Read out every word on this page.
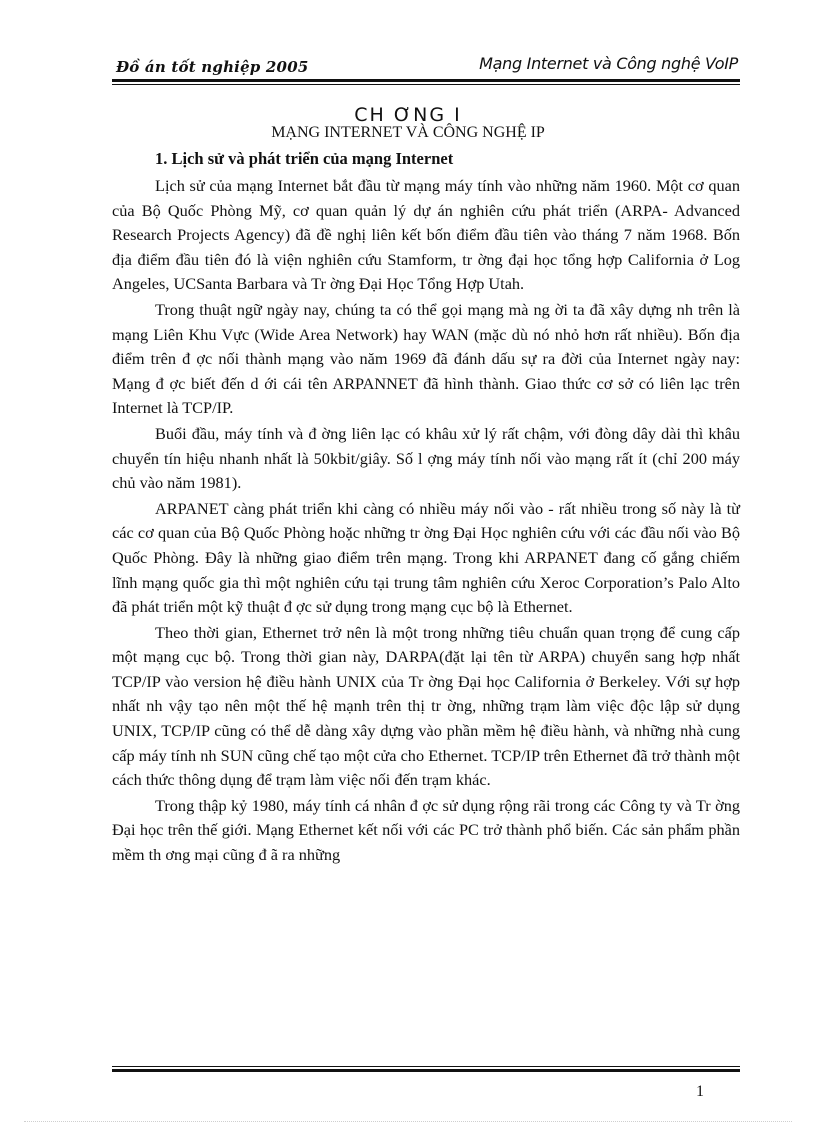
Đồ án tốt nghiệp 2005	Mạng Internet và Công nghệ VoIP
CH ƠNG I
MẠNG INTERNET VÀ CÔNG NGHỆ IP
1. Lịch sử và phát triển của mạng Internet

Lịch sử của mạng Internet bắt đầu từ mạng máy tính vào những năm 1960. Một cơ quan của Bộ Quốc Phòng Mỹ, cơ quan quản lý dự án nghiên cứu phát triển (ARPA- Advanced Research Projects Agency) đã đề nghị liên kết bốn điểm đầu tiên vào tháng 7 năm 1968. Bốn địa điểm đầu tiên đó là viện nghiên cứu Stamform, tr ờng đại học tổng hợp California ở Log Angeles, UCSanta Barbara và Tr ờng Đại Học Tổng Hợp Utah.

Trong thuật ngữ ngày nay, chúng ta có thể gọi mạng mà ng ời ta đã xây dựng nh trên là mạng Liên Khu Vực (Wide Area Network) hay WAN (mặc dù nó nhỏ hơn rất nhiều). Bốn địa điểm trên đ ợc nối thành mạng vào năm 1969 đã đánh dấu sự ra đời của Internet ngày nay: Mạng đ ợc biết đến d ới cái tên ARPANNET đã hình thành. Giao thức cơ sở có liên lạc trên Internet là TCP/IP.

Buổi đầu, máy tính và đ ờng liên lạc có khâu xử lý rất chậm, với đòng dây dài thì khâu chuyển tín hiệu nhanh nhất là 50kbit/giây. Số l ợng máy tính nối vào mạng rất ít (chỉ 200 máy chủ vào năm 1981).

ARPANET càng phát triển khi càng có nhiều máy nối vào - rất nhiều trong số này là từ các cơ quan của Bộ Quốc Phòng hoặc những tr ờng Đại Học nghiên cứu với các đầu nối vào Bộ Quốc Phòng. Đây là những giao điểm trên mạng. Trong khi ARPANET đang cố gắng chiếm lĩnh mạng quốc gia thì một nghiên cứu tại trung tâm nghiên cứu Xeroc Corporation’s Palo Alto đã phát triển một kỹ thuật đ ợc sử dụng trong mạng cục bộ là Ethernet.

Theo thời gian, Ethernet trở nên là một trong những tiêu chuẩn quan trọng để cung cấp một mạng cục bộ. Trong thời gian này, DARPA(đặt lại tên từ ARPA) chuyển sang hợp nhất TCP/IP vào version hệ điều hành UNIX của Tr ờng Đại học California ở Berkeley. Với sự hợp nhất nh vậy tạo nên một thế hệ mạnh trên thị tr ờng, những trạm làm việc độc lập sử dụng UNIX, TCP/IP cũng có thể dễ dàng xây dựng vào phần mềm hệ điều hành, và những nhà cung cấp máy tính nh SUN cũng chế tạo một cửa cho Ethernet. TCP/IP trên Ethernet đã trở thành một cách thức thông dụng để trạm làm việc nối đến trạm khác.

Trong thập kỷ 1980, máy tính cá nhân đ ợc sử dụng rộng rãi trong các Công ty và Tr ờng Đại học trên thế giới. Mạng Ethernet kết nối với các PC trở thành phổ biến. Các sản phẩm phần mềm th ơng mại cũng đ ã ra những

1
